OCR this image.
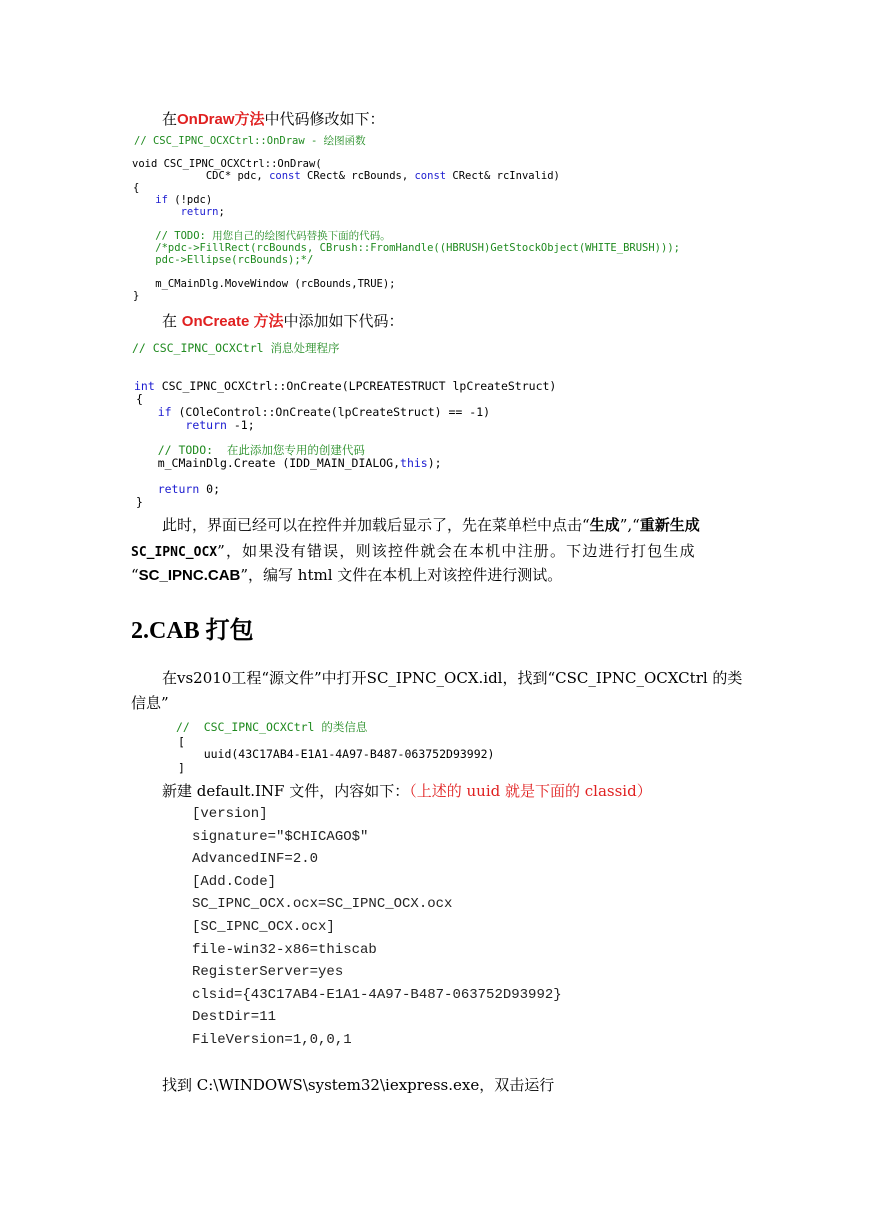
在OnDraw方法中代码修改如下：
// CSC_IPNC_OCXCtrl::OnDraw - 绘图函数
void CSC_IPNC_OCXCtrl::OnDraw(
CDC* pdc, const CRect& rcBounds, const CRect& rcInvalid)
{
if (!pdc)
return;
// TODO: 用您自己的绘图代码替换下面的代码。
/*pdc->FillRect(rcBounds, CBrush::FromHandle((HBRUSH)GetStockObject(WHITE_BRUSH)));
pdc->Ellipse(rcBounds);*/
m_CMainDlg.MoveWindow (rcBounds,TRUE);
}
在 OnCreate 方法中添加如下代码：
// CSC_IPNC_OCXCtrl 消息处理程序
int CSC_IPNC_OCXCtrl::OnCreate(LPCREATESTRUCT lpCreateStruct)
{
if (COleControl::OnCreate(lpCreateStruct) == -1)
return -1;
// TODO:  在此添加您专用的创建代码
m_CMainDlg.Create (IDD_MAIN_DIALOG,this);
return 0;
}
此时，界面已经可以在控件并加载后显示了，先在菜单栏中点击“生成”,“重新生成
SC_IPNC_OCX”，如果没有错误，则该控件就会在本机中注册。下边进行打包生成
“SC_IPNC.CAB”，编写 html 文件在本机上对该控件进行测试。
2.CAB 打包
在vs2010工程“源文件”中打开SC_IPNC_OCX.idl，找到“CSC_IPNC_OCXCtrl 的类
信息”
//  CSC_IPNC_OCXCtrl 的类信息
[
uuid(43C17AB4-E1A1-4A97-B487-063752D93992)
]
新建 default.INF 文件，内容如下：（上述的 uuid 就是下面的 classid）
[version]
signature="$CHICAGO$"
AdvancedINF=2.0
[Add.Code]
SC_IPNC_OCX.ocx=SC_IPNC_OCX.ocx
[SC_IPNC_OCX.ocx]
file-win32-x86=thiscab
RegisterServer=yes
clsid={43C17AB4-E1A1-4A97-B487-063752D93992}
DestDir=11
FileVersion=1,0,0,1
找到 C:\WINDOWS\system32\iexpress.exe，双击运行
